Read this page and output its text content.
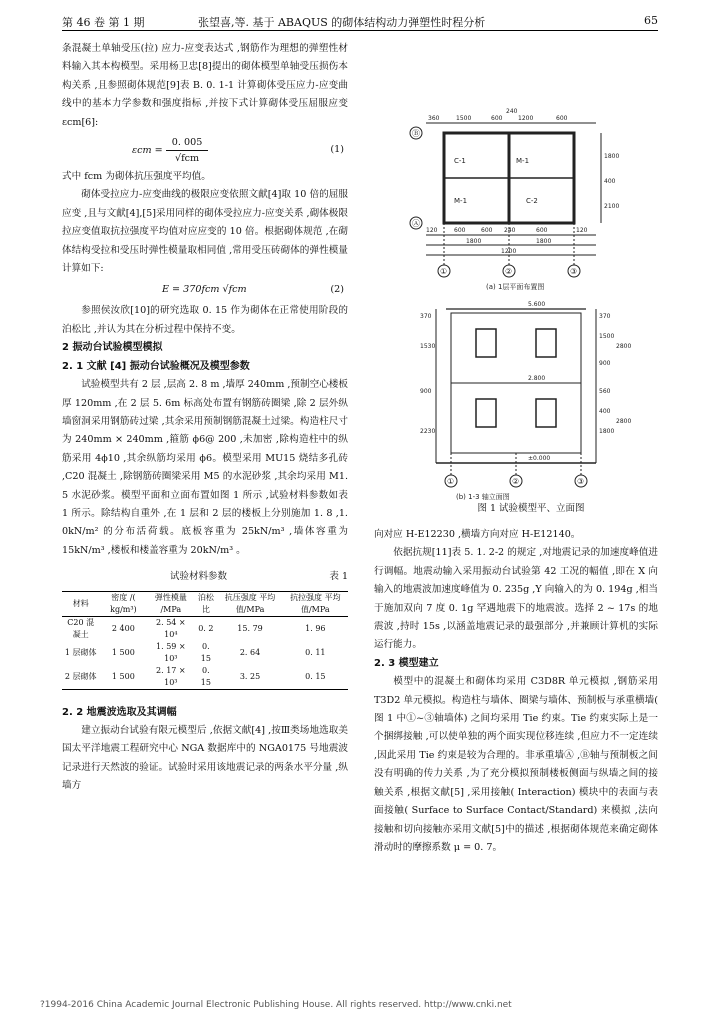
第 46 卷 第 1 期	张望喜,等. 基于 ABAQUS 的砌体结构动力弹塑性时程分析	65

条混凝土单轴受压(拉) 应力-应变表达式 ,钢筋作为理想的弹塑性材料输入其本构模型。采用杨卫忠[8]提出的砌体模型单轴受压损伤本构关系 ,且参照砌体规范[9]表 B. 0. 1-1 计算砌体受压应力-应变曲线中的基本力学参数和强度指标 ,并按下式计算砌体受压屈服应变 εcm[6]:

$\varepsilon cm = \frac{0. 005}{\text{√fcm}}$	(1)

式中 fcm 为砌体抗压强度平均值。

砌体受拉应力-应变曲线的极限应变依照文献[4]取 10 倍的屈服应变 ,且与文献[4],[5]采用同样的砌体受拉应力-应变关系 ,砌体极限拉应变值取抗拉强度平均值对应应变的 10 倍。根据砌体规范 ,在砌体结构受拉和受压时弹性模量取相同值 ,常用受压砖砌体的弹性模量计算如下:

E = 370fcm √fcm	(2)

参照侯汝欣[10]的研究选取 0. 15 作为砌体在正常使用阶段的泊松比 ,并认为其在分析过程中保持不变。

2 振动台试验模型模拟

2. 1 文献 [4] 振动台试验概况及模型参数

试验模型共有 2 层 ,层高 2. 8 m ,墙厚 240mm ,预制空心楼板厚 120mm ,在 2 层 5. 6m 标高处布置有钢筋砖圈梁 ,除 2 层外纵墙窗洞采用钢筋砖过梁 ,其余采用预制钢筋混凝土过梁。构造柱尺寸为 240mm × 240mm ,箍筋 ϕ6@ 200 ,未加密 ,除构造柱中的纵筋采用 4ϕ10 ,其余纵筋均采用 ϕ6。模型采用 MU15 烧结多孔砖 ,C20 混凝土 ,除钢筋砖圈梁采用 M5 的水泥砂浆 ,其余均采用 M1. 5 水泥砂浆。模型平面和立面布置如图 1 所示 ,试验材料参数如表 1 所示。除结构自重外 ,在 1 层和 2 层的楼板上分别施加 1. 8 ,1. 0kN/m² 的分布活荷载。底板容重为 25kN/m³ ,墙体容重为 15kN/m³ ,楼板和楼盖容重为 20kN/m³ 。

试验材料参数	表 1
材料	密度 /( kg/m³)	弹性模量 /MPa	泊松比	抗压强度 平均值/MPa	抗拉强度 平均值/MPa
C20 混凝土	2 400	2. 54 × 10⁴	0. 2	15. 79	1. 96
1 层砌体	1 500	1. 59 × 10³	0. 15	2. 64	0. 11
2 层砌体	1 500	2. 17 × 10³	0. 15	3. 25	0. 15

2. 2 地震波选取及其调幅

建立振动台试验有限元模型后 ,依据文献[4] ,按Ⅲ类场地选取美国太平洋地震工程研究中心 NGA 数据库中的 NGA0175 号地震波记录进行天然波的验证。试验时采用该地震记录的两条水平分量 ,纵墙方

240
360	1500	600	1200	600
1800
400
2100
C-1
C-2
M-1
M-1
120	600	600 240	600	120
1800	1800
1200
Ⓑ
Ⓐ
①	②	③
(a) 1层平面布置图
5.600
2.800
±0.000
370
1530
900
2230
370
1500
2800
900
560
400
1800
2800
①	②	③
(b) 1-3 轴立面图
图 1 试验模型平、立面图

向对应 H-E12230 ,横墙方向对应 H-E12140。

依据抗规[11]表 5. 1. 2-2 的规定 ,对地震记录的加速度峰值进行调幅。地震动输入采用振动台试验第 42 工况的幅值 ,即在 X 向输入的地震波加速度峰值为 0. 235g ,Y 向输入的为 0. 194g ,相当于施加双向 7 度 0. 1g 罕遇地震下的地震波。选择 2 ~ 17s 的地震波 ,持时 15s ,以涵盖地震记录的最强部分 ,并兼顾计算机的实际运行能力。

2. 3 模型建立

模型中的混凝土和砌体均采用 C3D8R 单元模拟 ,钢筋采用 T3D2 单元模拟。构造柱与墙体、圈梁与墙体、预制板与承重横墙( 图 1 中①~③轴墙体) 之间均采用 Tie 约束。Tie 约束实际上是一个捆绑接触 ,可以使单独的两个面实现位移连续 ,但应力不一定连续 ,因此采用 Tie 约束是较为合理的。非承重墙Ⓐ ,Ⓑ轴与预制板之间没有明确的传力关系 ,为了充分模拟预制楼板侧面与纵墙之间的接触关系 ,根据文献[5] ,采用接触( Interaction) 模块中的表面与表面接触( Surface to Surface Contact/Standard) 来模拟 ,法向接触和切向接触亦采用文献[5]中的描述 ,根据砌体规范来确定砌体滑动时的摩擦系数 μ = 0. 7。

?1994-2016 China Academic Journal Electronic Publishing House. All rights reserved. http://www.cnki.net
